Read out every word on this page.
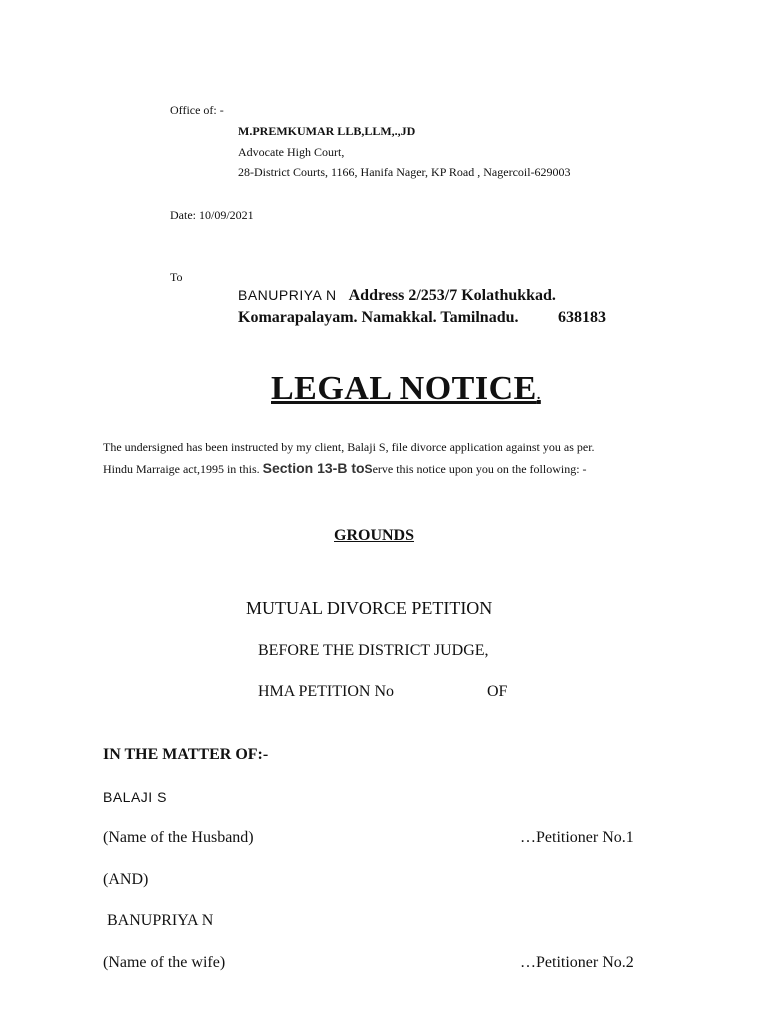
Office of: -
M.PREMKUMAR LLB,LLM,.,JD
Advocate High Court,
28-District Courts, 1166, Hanifa Nager, KP Road , Nagercoil-629003
Date: 10/09/2021
To
BANUPRIYA N Address 2/253/7 Kolathukkad.
Komarapalayam. Namakkal. Tamilnadu. 638183
LEGAL NOTICE.
The undersigned has been instructed by my client, Balaji S, file divorce application against you as per.
Hindu Marraige act,1995 in this. Section 13-B toServe this notice upon you on the following: -
GROUNDS
MUTUAL DIVORCE PETITION
BEFORE THE DISTRICT JUDGE,
HMA PETITION No	OF
IN THE MATTER OF:-
BALAJI S
(Name of the Husband)	…Petitioner No.1
(AND)
BANUPRIYA N
(Name of the wife)	…Petitioner No.2
